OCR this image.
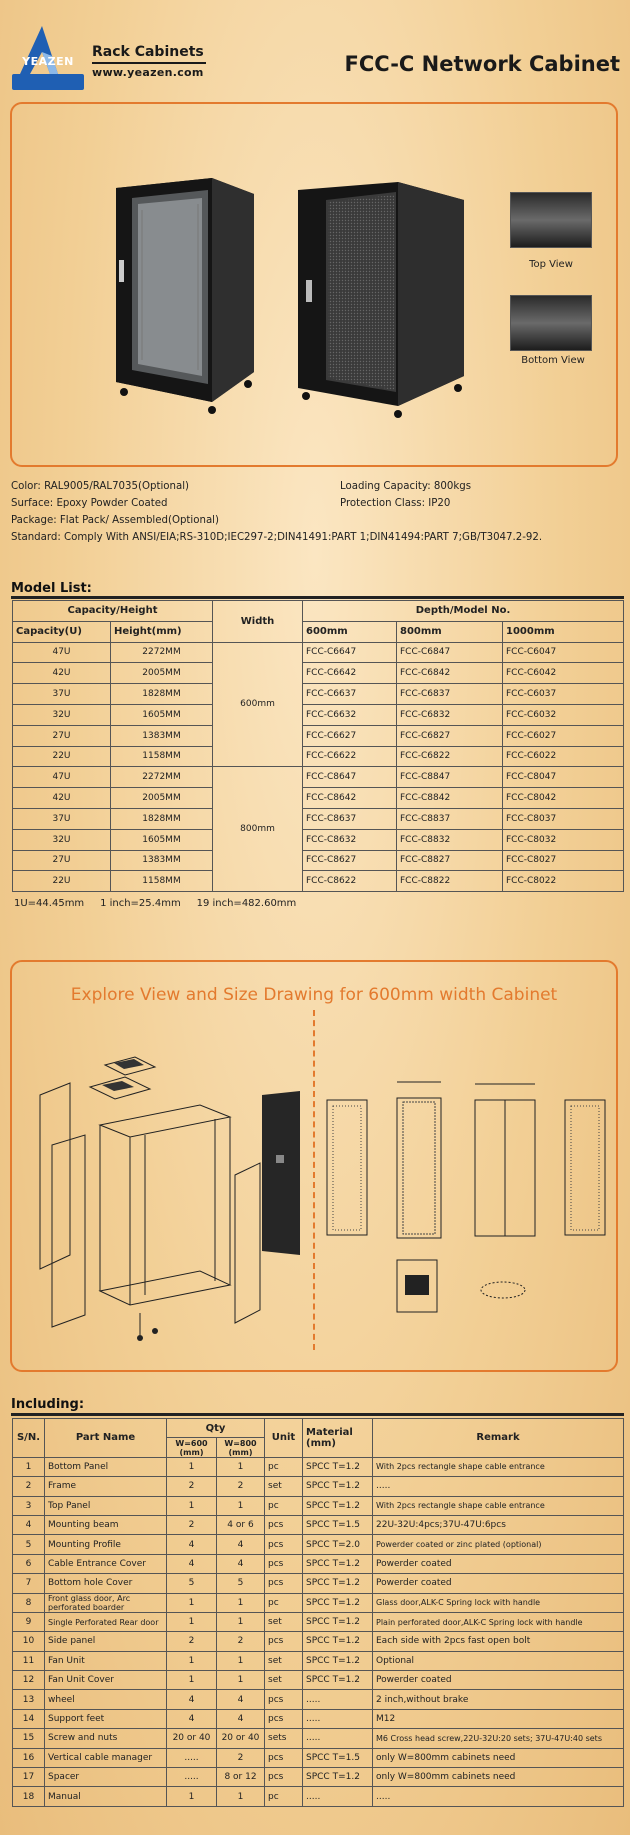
YEAZEN
Rack Cabinets
www.yeazen.com	FCC-C Network Cabinet
Top View
Bottom View
Color: RAL9005/RAL7035(Optional)	Loading Capacity: 800kgs
Surface: Epoxy Powder Coated	Protection Class: IP20
Package: Flat Pack/ Assembled(Optional)
Standard: Comply With ANSI/EIA;RS-310D;IEC297-2;DIN41491:PART 1;DIN41494:PART 7;GB/T3047.2-92.
Model List:
Capacity/Height		Width	Depth/Model No.		
Capacity(U)	Height(mm)		600mm	800mm	1000mm
47U	2272MM	600mm	FCC-C6647	FCC-C6847	FCC-C6047
42U	2005MM		FCC-C6642	FCC-C6842	FCC-C6042
37U	1828MM		FCC-C6637	FCC-C6837	FCC-C6037
32U	1605MM		FCC-C6632	FCC-C6832	FCC-C6032
27U	1383MM		FCC-C6627	FCC-C6827	FCC-C6027
22U	1158MM		FCC-C6622	FCC-C6822	FCC-C6022
47U	2272MM	800mm	FCC-C8647	FCC-C8847	FCC-C8047
42U	2005MM		FCC-C8642	FCC-C8842	FCC-C8042
37U	1828MM		FCC-C8637	FCC-C8837	FCC-C8037
32U	1605MM		FCC-C8632	FCC-C8832	FCC-C8032
27U	1383MM		FCC-C8627	FCC-C8827	FCC-C8027
22U	1158MM		FCC-C8622	FCC-C8822	FCC-C8022
1U=44.45mm     1 inch=25.4mm     19 inch=482.60mm
Explore View and Size Drawing for 600mm width Cabinet
Including:
S/N.	Part Name	Qty		Unit	Material (mm)	Remark
		W=600 (mm)	W=800 (mm)			
1	Bottom Panel	1	1	pc	SPCC T=1.2	With 2pcs rectangle shape cable entrance
2	Frame	2	2	set	SPCC T=1.2	.....
3	Top Panel	1	1	pc	SPCC T=1.2	With 2pcs rectangle shape cable entrance
4	Mounting beam	2	4 or 6	pcs	SPCC T=1.5	22U-32U:4pcs;37U-47U:6pcs
5	Mounting Profile	4	4	pcs	SPCC T=2.0	Powerder coated or zinc plated (optional)
6	Cable Entrance Cover	4	4	pcs	SPCC T=1.2	Powerder coated
7	Bottom hole Cover	5	5	pcs	SPCC T=1.2	Powerder coated
8	Front glass door, Arc perforated boarder	1	1	pc	SPCC T=1.2	Glass door,ALK-C Spring lock with handle
9	Single Perforated Rear door	1	1	set	SPCC T=1.2	Plain perforated door,ALK-C Spring lock with handle
10	Side panel	2	2	pcs	SPCC T=1.2	Each side with 2pcs fast open bolt
11	Fan Unit	1	1	set	SPCC T=1.2	Optional
12	Fan Unit Cover	1	1	set	SPCC T=1.2	Powerder coated
13	wheel	4	4	pcs	.....	2 inch,without brake
14	Support feet	4	4	pcs	.....	M12
15	Screw and nuts	20 or 40	20 or 40	sets	.....	M6 Cross head screw,22U-32U:20 sets; 37U-47U:40 sets
16	Vertical cable manager	.....	2	pcs	SPCC T=1.5	only W=800mm cabinets need
17	Spacer	.....	8 or 12	pcs	SPCC T=1.2	only W=800mm cabinets need
18	Manual	1	1	pc	.....	.....
